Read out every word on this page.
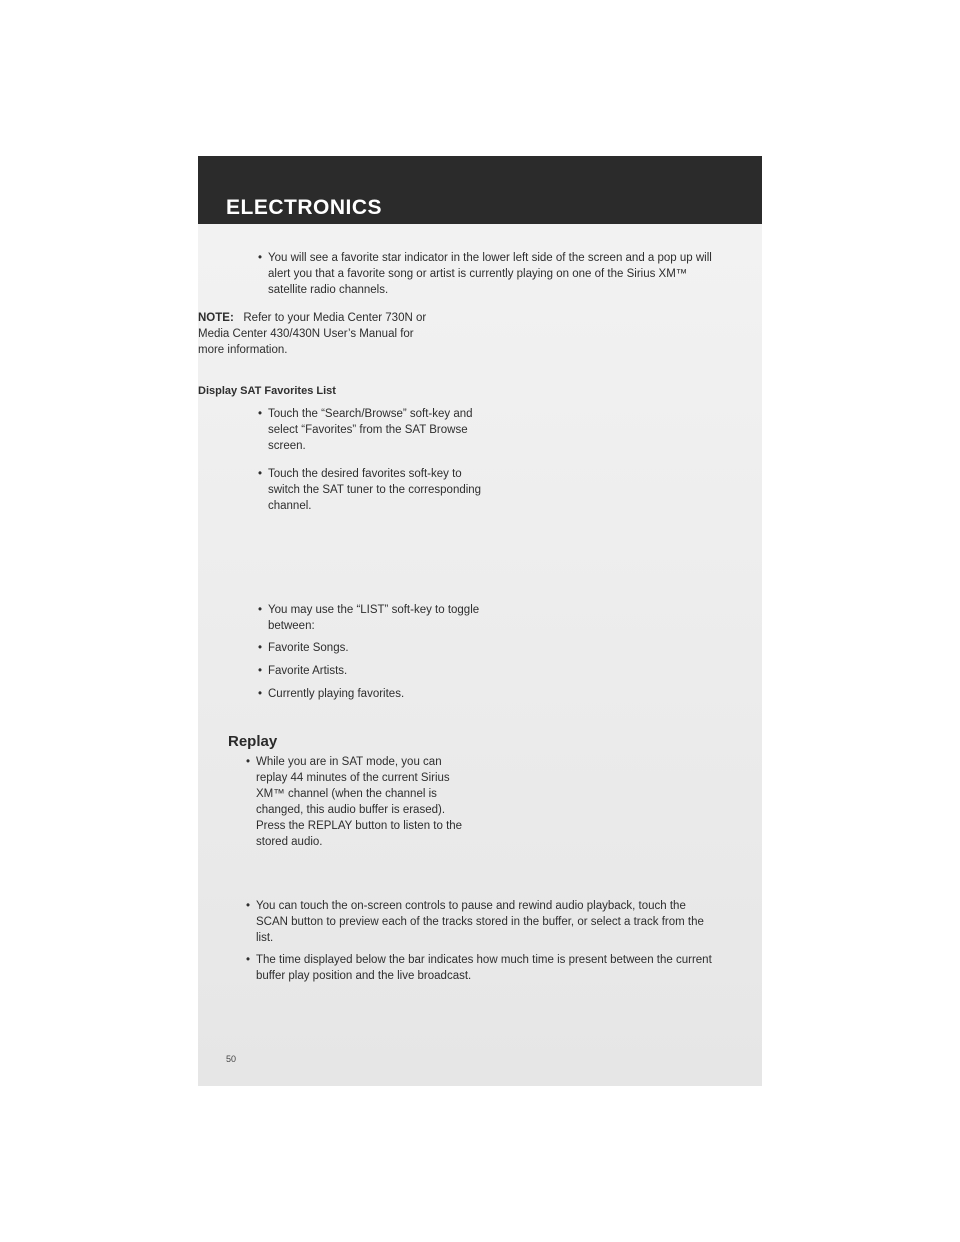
ELECTRONICS
• You will see a favorite star indicator in the lower left side of the screen and a pop up will
alert you that a favorite song or artist is currently playing on one of the Sirius XM™
satellite radio channels.
NOTE: Refer to your Media Center 730N or
Media Center 430/430N User’s Manual for
more information.
Display SAT Favorites List
• Touch the “Search/Browse” soft-key and
select “Favorites” from the SAT Browse
screen.
• Touch the desired favorites soft-key to
switch the SAT tuner to the corresponding
channel.
• You may use the “LIST” soft-key to toggle
between:
• Favorite Songs.
• Favorite Artists.
• Currently playing favorites.
Replay
• While you are in SAT mode, you can
replay 44 minutes of the current Sirius
XM™ channel (when the channel is
changed, this audio buffer is erased).
Press the REPLAY button to listen to the
stored audio.
• You can touch the on-screen controls to pause and rewind audio playback, touch the
SCAN button to preview each of the tracks stored in the buffer, or select a track from the
list.
• The time displayed below the bar indicates how much time is present between the current
buffer play position and the live broadcast.
50
